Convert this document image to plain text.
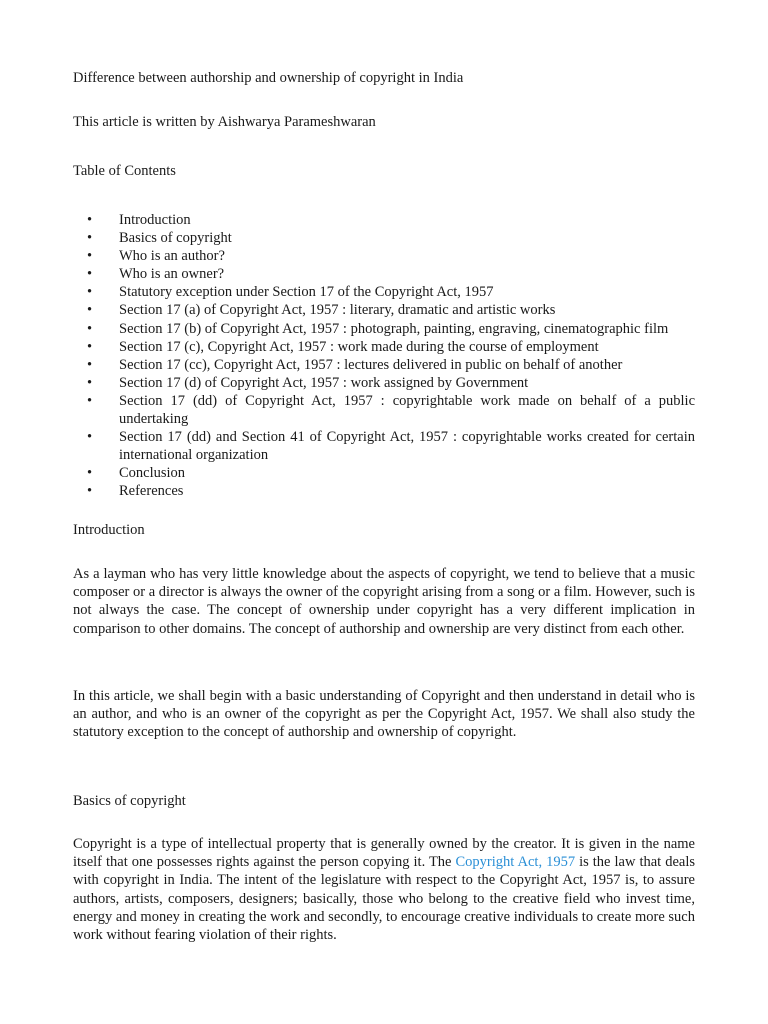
Difference between authorship and ownership of copyright in India
This article is written by Aishwarya Parameshwaran
Table of Contents
•	Introduction
•	Basics of copyright
•	Who is an author?
•	Who is an owner?
•	Statutory exception under Section 17 of the Copyright Act, 1957
•	Section 17 (a) of Copyright Act, 1957 : literary, dramatic and artistic works
•	Section 17 (b) of Copyright Act, 1957 : photograph, painting, engraving, cinematographic film
•	Section 17 (c), Copyright Act, 1957 : work made during the course of employment
•	Section 17 (cc), Copyright Act, 1957 : lectures delivered in public on behalf of another
•	Section 17 (d) of Copyright Act, 1957 : work assigned by Government
•	Section 17 (dd) of Copyright Act, 1957 : copyrightable work made on behalf of a public undertaking
•	Section 17 (dd) and Section 41 of Copyright Act, 1957 : copyrightable works created for certain international organization
•	Conclusion
•	References
Introduction
As a layman who has very little knowledge about the aspects of copyright, we tend to believe that a music composer or a director is always the owner of the copyright arising from a song or a film. However, such is not always the case. The concept of ownership under copyright has a very different implication in comparison to other domains. The concept of authorship and ownership are very distinct from each other.
In this article, we shall begin with a basic understanding of Copyright and then understand in detail who is an author, and who is an owner of the copyright as per the Copyright Act, 1957. We shall also study the statutory exception to the concept of authorship and ownership of copyright.
Basics of copyright
Copyright is a type of intellectual property that is generally owned by the creator. It is given in the name itself that one possesses rights against the person copying it. The Copyright Act, 1957 is the law that deals with copyright in India. The intent of the legislature with respect to the Copyright Act, 1957 is, to assure authors, artists, composers, designers; basically, those who belong to the creative field who invest time, energy and money in creating the work and secondly, to encourage creative individuals to create more such work without fearing violation of their rights.
